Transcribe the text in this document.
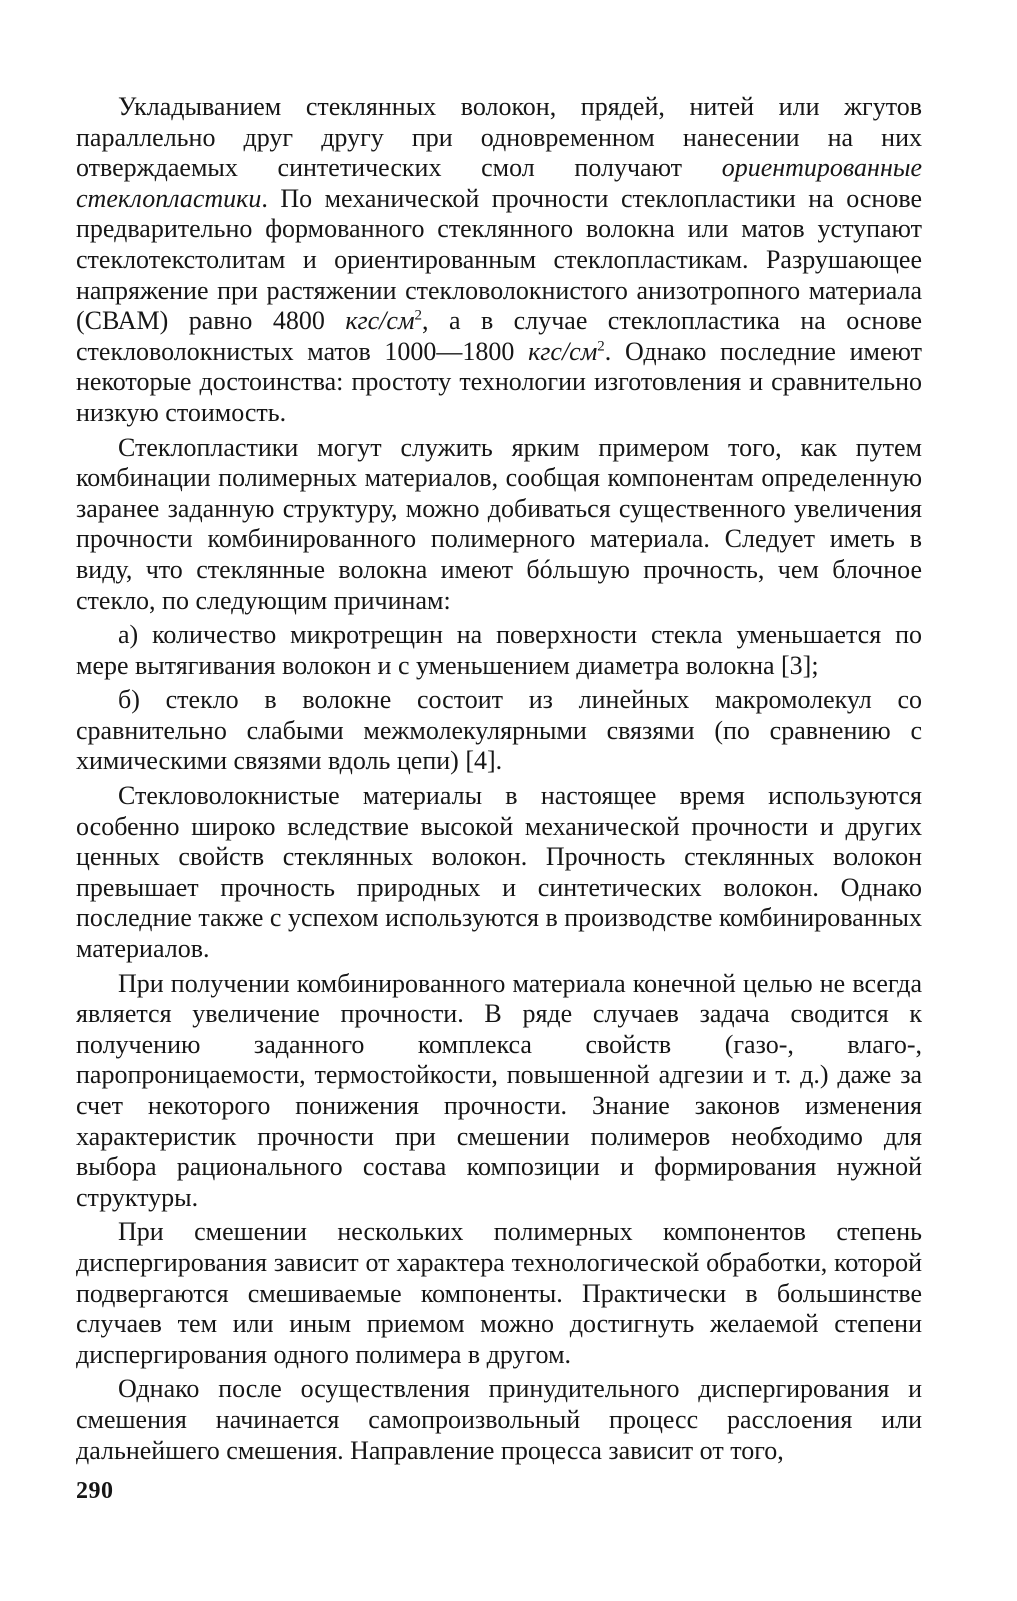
Укладыванием стеклянных волокон, прядей, нитей или жгутов параллельно друг другу при одновременном нанесении на них отверждаемых синтетических смол получают ориентированные стеклопластики. По механической прочности стеклопластики на основе предварительно формованного стеклянного волокна или матов уступают стеклотекстолитам и ориентированным стеклопластикам. Разрушающее напряжение при растяжении стекловолокнистого анизотропного материала (СВАМ) равно 4800 кгс/$см^2$, а в случае стеклопластика на основе стекловолокнистых матов 1000—1800 кгс/$см^2$. Однако последние имеют некоторые достоинства: простоту технологии изготовления и сравнительно низкую стоимость.

Стеклопластики могут служить ярким примером того, как путем комбинации полимерных материалов, сообщая компонентам определенную заранее заданную структуру, можно добиваться существенного увеличения прочности комбинированного полимерного материала. Следует иметь в виду, что стеклянные волокна имеют бóльшую прочность, чем блочное стекло, по следующим причинам:

а) количество микротрещин на поверхности стекла уменьшается по мере вытягивания волокон и с уменьшением диаметра волокна [3];

б) стекло в волокне состоит из линейных макромолекул со сравнительно слабыми межмолекулярными связями (по сравнению с химическими связями вдоль цепи) [4].

Стекловолокнистые материалы в настоящее время используются особенно широко вследствие высокой механической прочности и других ценных свойств стеклянных волокон. Прочность стеклянных волокон превышает прочность природных и синтетических волокон. Однако последние также с успехом используются в производстве комбинированных материалов.

При получении комбинированного материала конечной целью не всегда является увеличение прочности. В ряде случаев задача сводится к получению заданного комплекса свойств (газо-, влаго-, паропроницаемости, термостойкости, повышенной адгезии и т. д.) даже за счет некоторого понижения прочности. Знание законов изменения характеристик прочности при смешении полимеров необходимо для выбора рационального состава композиции и формирования нужной структуры.

При смешении нескольких полимерных компонентов степень диспергирования зависит от характера технологической обработки, которой подвергаются смешиваемые компоненты. Практически в большинстве случаев тем или иным приемом можно достигнуть желаемой степени диспергирования одного полимера в другом.

Однако после осуществления принудительного диспергирования и смешения начинается самопроизвольный процесс расслоения или дальнейшего смешения. Направление процесса зависит от того,

290
